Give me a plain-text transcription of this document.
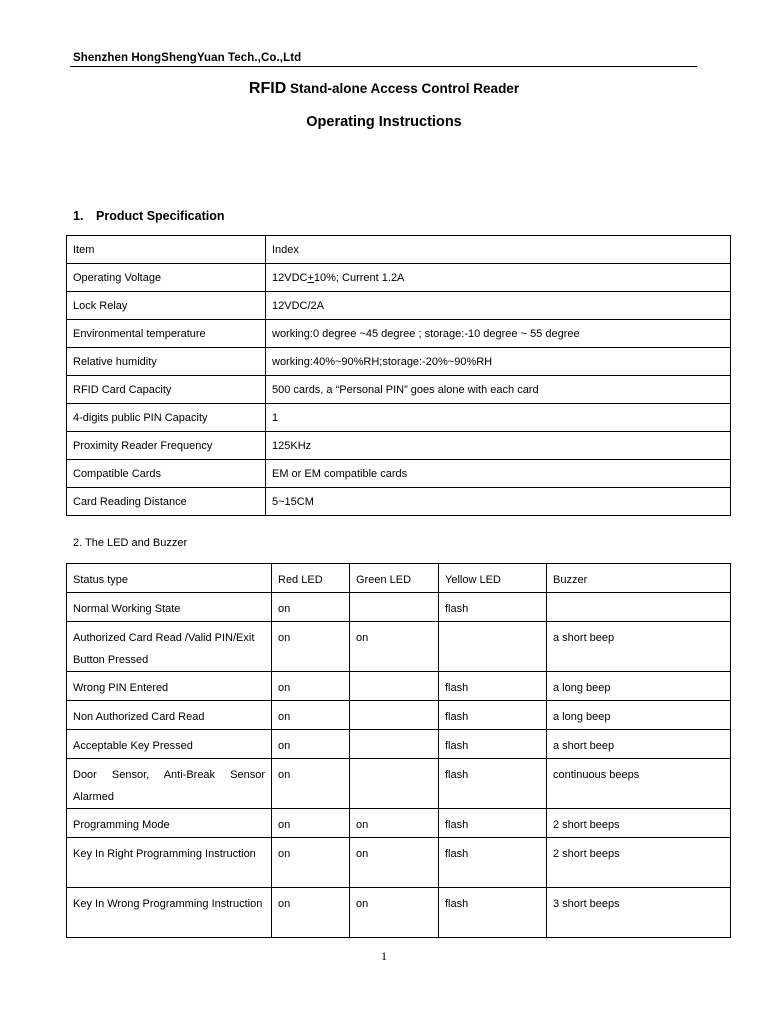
Shenzhen HongShengYuan Tech.,Co.,Ltd
RFID Stand-alone Access Control Reader
Operating Instructions
1. Product Specification
Item	Index
Operating Voltage	12VDC+10%; Current 1.2A
Lock Relay	12VDC/2A
Environmental temperature	working:0 degree ~45 degree ; storage:-10 degree ~ 55 degree
Relative humidity	working:40%~90%RH;storage:-20%~90%RH
RFID Card Capacity	500 cards, a “Personal PIN” goes alone with each card
4-digits public PIN Capacity	1
Proximity Reader Frequency	125KHz
Compatible Cards	EM or EM compatible cards
Card Reading Distance	5~15CM
2. The LED and Buzzer
Status type	Red LED	Green LED	Yellow LED	Buzzer
Normal Working State	on		flash	
Authorized Card Read /Valid PIN/Exit Button Pressed	on	on		a short beep
Wrong PIN Entered	on		flash	a long beep
Non Authorized Card Read	on		flash	a long beep
Acceptable Key Pressed	on		flash	a short beep
Door Sensor, Anti-Break Sensor Alarmed	on		flash	continuous beeps
Programming Mode	on	on	flash	2 short beeps
Key In Right Programming Instruction	on	on	flash	2 short beeps
Key In Wrong Programming Instruction	on	on	flash	3 short beeps
1
